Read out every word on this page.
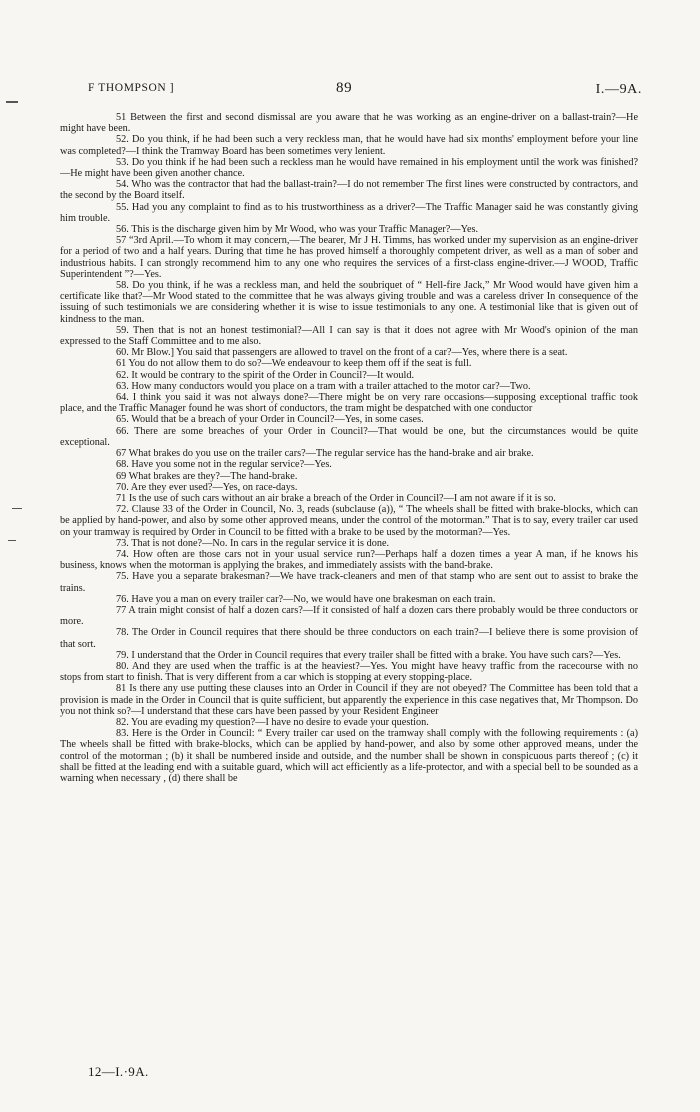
F THOMPSON ]	89	I.—9A.

51 Between the first and second dismissal are you aware that he was working as an engine-driver on a ballast-train?—He might have been.

52. Do you think, if he had been such a very reckless man, that he would have had six months' employment before your line was completed?—I think the Tramway Board has been sometimes very lenient.

53. Do you think if he had been such a reckless man he would have remained in his employment until the work was finished?—He might have been given another chance.

54. Who was the contractor that had the ballast-train?—I do not remember The first lines were constructed by contractors, and the second by the Board itself.

55. Had you any complaint to find as to his trustworthiness as a driver?—The Traffic Manager said he was constantly giving him trouble.

56. This is the discharge given him by Mr Wood, who was your Traffic Manager?—Yes.

57 “3rd April.—To whom it may concern,—The bearer, Mr J H. Timms, has worked under my supervision as an engine-driver for a period of two and a half years. During that time he has proved himself a thoroughly competent driver, as well as a man of sober and industrious habits. I can strongly recommend him to any one who requires the services of a first-class engine-driver.—J WOOD, Traffic Superintendent ”?—Yes.

58. Do you think, if he was a reckless man, and held the soubriquet of “ Hell-fire Jack,” Mr Wood would have given him a certificate like that?—Mr Wood stated to the committee that he was always giving trouble and was a careless driver In consequence of the issuing of such testimonials we are considering whether it is wise to issue testimonials to any one. A testimonial like that is given out of kindness to the man.

59. Then that is not an honest testimonial?—All I can say is that it does not agree with Mr Wood's opinion of the man expressed to the Staff Committee and to me also.

60. Mr Blow.] You said that passengers are allowed to travel on the front of a car?—Yes, where there is a seat.

61 You do not allow them to do so?—We endeavour to keep them off if the seat is full.

62. It would be contrary to the spirit of the Order in Council?—It would.

63. How many conductors would you place on a tram with a trailer attached to the motor car?—Two.

64. I think you said it was not always done?—There might be on very rare occasions—supposing exceptional traffic took place, and the Traffic Manager found he was short of conductors, the tram might be despatched with one conductor

65. Would that be a breach of your Order in Council?—Yes, in some cases.

66. There are some breaches of your Order in Council?—That would be one, but the circumstances would be quite exceptional.

67 What brakes do you use on the trailer cars?—The regular service has the hand-brake and air brake.

68. Have you some not in the regular service?—Yes.

69 What brakes are they?—The hand-brake.

70. Are they ever used?—Yes, on race-days.

71 Is the use of such cars without an air brake a breach of the Order in Council?—I am not aware if it is so.

72. Clause 33 of the Order in Council, No. 3, reads (subclause (a)), “ The wheels shall be fitted with brake-blocks, which can be applied by hand-power, and also by some other approved means, under the control of the motorman.” That is to say, every trailer car used on your tramway is required by Order in Council to be fitted with a brake to be used by the motorman?—Yes.

73. That is not done?—No. In cars in the regular service it is done.

74. How often are those cars not in your usual service run?—Perhaps half a dozen times a year A man, if he knows his business, knows when the motorman is applying the brakes, and immediately assists with the band-brake.

75. Have you a separate brakesman?—We have track-cleaners and men of that stamp who are sent out to assist to brake the trains.

76. Have you a man on every trailer car?—No, we would have one brakesman on each train.

77 A train might consist of half a dozen cars?—If it consisted of half a dozen cars there probably would be three conductors or more.

78. The Order in Council requires that there should be three conductors on each train?—I believe there is some provision of that sort.

79. I understand that the Order in Council requires that every trailer shall be fitted with a brake. You have such cars?—Yes.

80. And they are used when the traffic is at the heaviest?—Yes. You might have heavy traffic from the racecourse with no stops from start to finish. That is very different from a car which is stopping at every stopping-place.

81 Is there any use putting these clauses into an Order in Council if they are not obeyed? The Committee has been told that a provision is made in the Order in Council that is quite sufficient, but apparently the experience in this case negatives that, Mr Thompson. Do you not think so?—I understand that these cars have been passed by your Resident Engineer

82. You are evading my question?—I have no desire to evade your question.

83. Here is the Order in Council: “ Every trailer car used on the tramway shall comply with the following requirements : (a) The wheels shall be fitted with brake-blocks, which can be applied by hand-power, and also by some other approved means, under the control of the motorman ; (b) it shall be numbered inside and outside, and the number shall be shown in conspicuous parts thereof ; (c) it shall be fitted at the leading end with a suitable guard, which will act efficiently as a life-protector, and with a special bell to be sounded as a warning when necessary , (d) there shall be

12—I.·9A.
